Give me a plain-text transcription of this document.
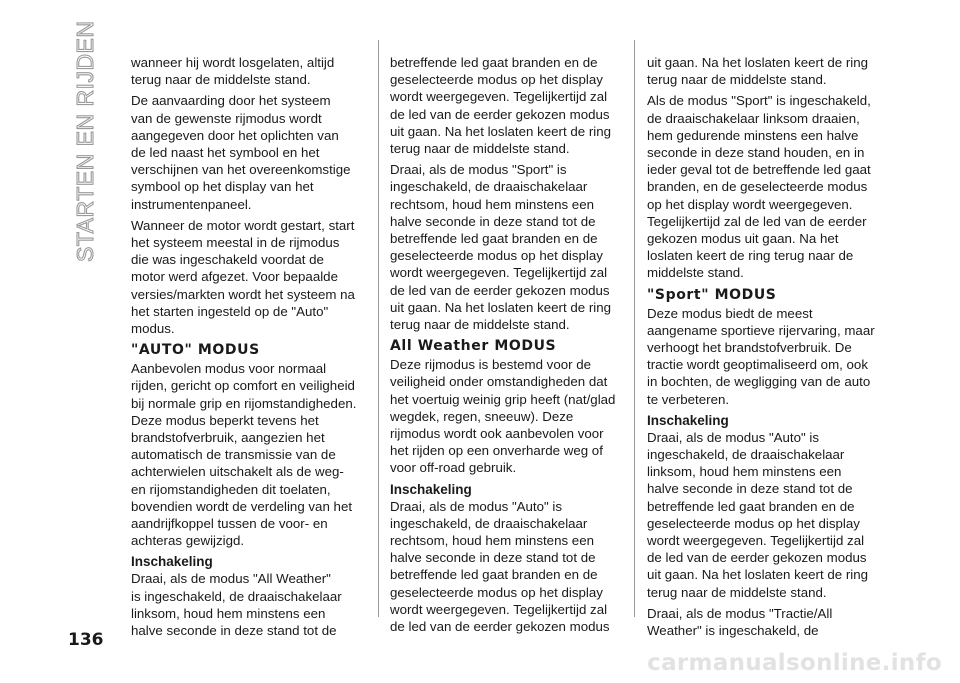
STARTEN EN RIJDEN wanneer hij wordt losgelaten, altijd
terug naar de middelste stand.

De aanvaarding door het systeem
van de gewenste rijmodus wordt
aangegeven door het oplichten van
de led naast het symbool en het
verschijnen van het overeenkomstige
symbool op het display van het
instrumentenpaneel.

Wanneer de motor wordt gestart, start
het systeem meestal in de rijmodus
die was ingeschakeld voordat de
motor werd afgezet. Voor bepaalde
versies/markten wordt het systeem na
het starten ingesteld op de "Auto"
modus.

"AUTO" MODUS

Aanbevolen modus voor normaal
rijden, gericht op comfort en veiligheid
bij normale grip en rijomstandigheden.
Deze modus beperkt tevens het
brandstofverbruik, aangezien het
automatisch de transmissie van de
achterwielen uitschakelt als de weg-
en rijomstandigheden dit toelaten,
bovendien wordt de verdeling van het
aandrijfkoppel tussen de voor- en
achteras gewijzigd.

Inschakeling

Draai, als de modus "All Weather"
is ingeschakeld, de draaischakelaar
linksom, houd hem minstens een
halve seconde in deze stand tot de

betreffende led gaat branden en de
geselecteerde modus op het display
wordt weergegeven. Tegelijkertijd zal
de led van de eerder gekozen modus
uit gaan. Na het loslaten keert de ring
terug naar de middelste stand.

Draai, als de modus "Sport" is
ingeschakeld, de draaischakelaar
rechtsom, houd hem minstens een
halve seconde in deze stand tot de
betreffende led gaat branden en de
geselecteerde modus op het display
wordt weergegeven. Tegelijkertijd zal
de led van de eerder gekozen modus
uit gaan. Na het loslaten keert de ring
terug naar de middelste stand.

All Weather MODUS

Deze rijmodus is bestemd voor de
veiligheid onder omstandigheden dat
het voertuig weinig grip heeft (nat/glad
wegdek, regen, sneeuw). Deze
rijmodus wordt ook aanbevolen voor
het rijden op een onverharde weg of
voor off-road gebruik.

Inschakeling

Draai, als de modus "Auto" is
ingeschakeld, de draaischakelaar
rechtsom, houd hem minstens een
halve seconde in deze stand tot de
betreffende led gaat branden en de
geselecteerde modus op het display
wordt weergegeven. Tegelijkertijd zal
de led van de eerder gekozen modus

uit gaan. Na het loslaten keert de ring
terug naar de middelste stand.

Als de modus "Sport" is ingeschakeld,
de draaischakelaar linksom draaien,
hem gedurende minstens een halve
seconde in deze stand houden, en in
ieder geval tot de betreffende led gaat
branden, en de geselecteerde modus
op het display wordt weergegeven.
Tegelijkertijd zal de led van de eerder
gekozen modus uit gaan. Na het
loslaten keert de ring terug naar de
middelste stand.

"Sport" MODUS

Deze modus biedt de meest
aangename sportieve rijervaring, maar
verhoogt het brandstofverbruik. De
tractie wordt geoptimaliseerd om, ook
in bochten, de wegligging van de auto
te verbeteren.

Inschakeling

Draai, als de modus "Auto" is
ingeschakeld, de draaischakelaar
linksom, houd hem minstens een
halve seconde in deze stand tot de
betreffende led gaat branden en de
geselecteerde modus op het display
wordt weergegeven. Tegelijkertijd zal
de led van de eerder gekozen modus
uit gaan. Na het loslaten keert de ring
terug naar de middelste stand.

Draai, als de modus "Tractie/All
Weather" is ingeschakeld, de

136
carmanualsonline.info
